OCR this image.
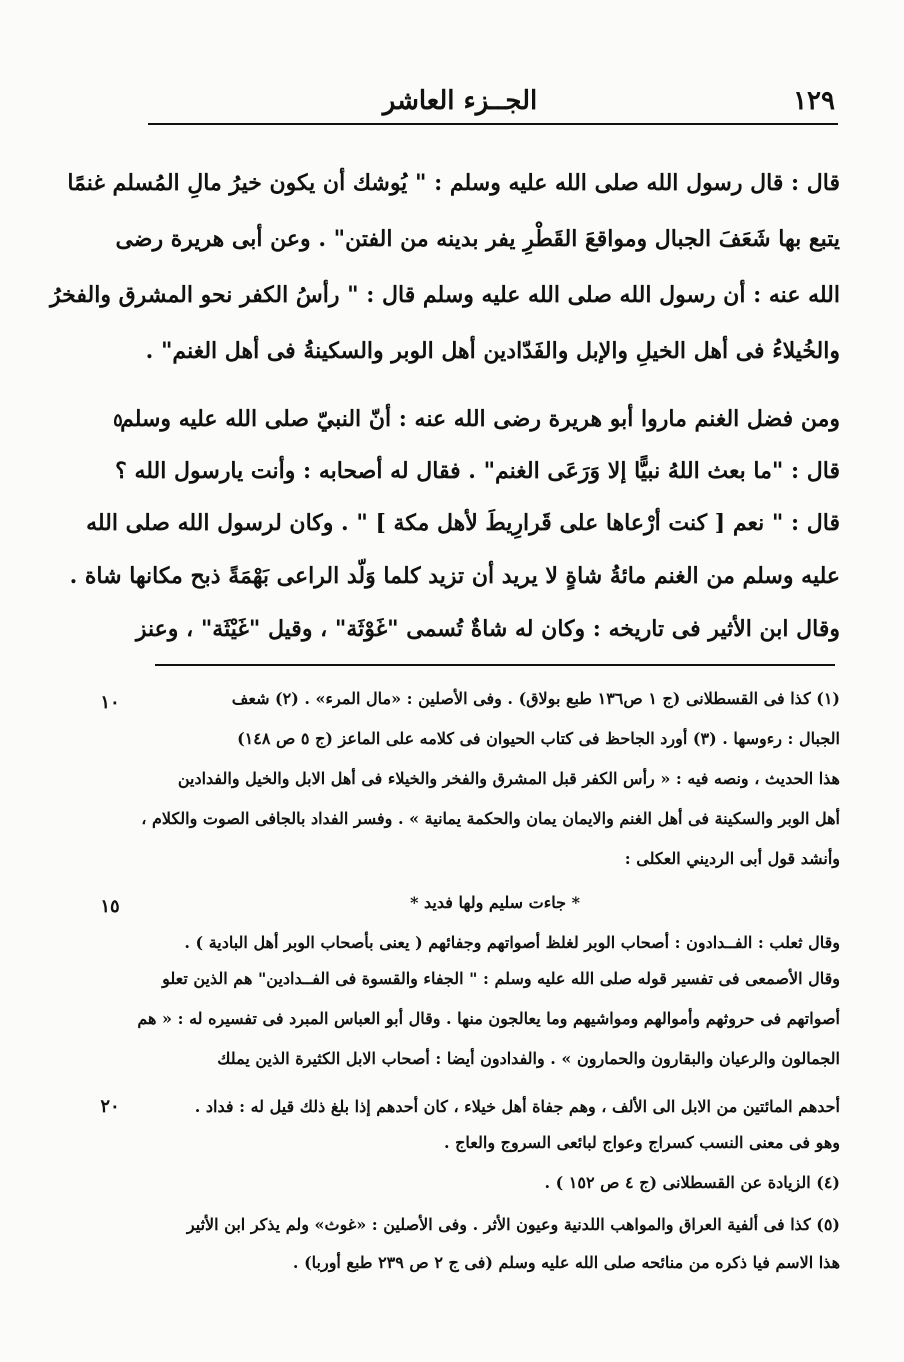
١٢٩
الجــزء العاشر
قال : قال رسول الله صلى الله عليه وسلم : " يُوشك أن يكون خيرُ مالِ المُسلم غنمًا
يتبع بها شَعَفَ الجبال ومواقعَ القَطْرِ يفر بدينه من الفتن" . وعن أبى هريرة رضى
الله عنه : أن رسول الله صلى الله عليه وسلم قال : " رأسُ الكفر نحو المشرق والفخرُ
والخُيلاءُ فى أهل الخيلِ والإبل والفَدّادين أهل الوبر والسكينةُ فى أهل الغنم" .
ومن فضل الغنم ماروا أبو هريرة رضى الله عنه : أنّ النبيّ صلى الله عليه وسلم
قال : "ما بعث اللهُ نبيًّا إلا وَرَعَى الغنم" . فقال له أصحابه : وأنت يارسول الله ؟
قال : " نعم [ كنت أرْعاها على قَرارِيطَ لأهل مكة ] " . وكان لرسول الله صلى الله
عليه وسلم من الغنم مائةُ شاةٍ لا يريد أن تزيد كلما وَلّد الراعى بَهْمَةً ذبح مكانها شاة .
وقال ابن الأثير فى تاريخه : وكان له شاةٌ تُسمى "غَوْثَة" ، وقيل "غَيْثَة" ، وعنز
٥
(١) كذا فى القسطلانى (ج ١ ص١٣٦ طبع بولاق) . وفى الأصلين : «مال المرء» . (٢) شعف
الجبال : رءوسها . (٣) أورد الجاحظ فى كتاب الحيوان فى كلامه على الماعز (ج ٥ ص ١٤٨)
هذا الحديث ، ونصه فيه : « رأس الكفر قبل المشرق والفخر والخيلاء فى أهل الابل والخيل والفدادين
أهل الوبر والسكينة فى أهل الغنم والايمان يمان والحكمة يمانية » . وفسر الفداد بالجافى الصوت والكلام ،
وأنشد قول أبى الرديني العكلى :
* جاءت سليم ولها فديد *
وقال ثعلب : الفــدادون : أصحاب الوبر لغلظ أصواتهم وجفائهم ( يعنى بأصحاب الوبر أهل البادية ) .
وقال الأصمعى فى تفسير قوله صلى الله عليه وسلم : " الجفاء والقسوة فى الفــدادين" هم الذين تعلو
أصواتهم فى حروثهم وأموالهم ومواشيهم وما يعالجون منها . وقال أبو العباس المبرد فى تفسيره له : « هم
الجمالون والرعيان والبقارون والحمارون » . والفدادون أيضا : أصحاب الابل الكثيرة الذين يملك
أحدهم المائتين من الابل الى الألف ، وهم جفاة أهل خيلاء ، كان أحدهم إذا بلغ ذلك قيل له : فداد .
وهو فى معنى النسب كسراج وعواج لبائعى السروج والعاج .
(٤) الزيادة عن القسطلانى (ج ٤ ص ١٥٢ ) .
(٥) كذا فى ألفية العراق والمواهب اللدنية وعيون الأثر . وفى الأصلين : «غوث» ولم يذكر ابن الأثير
هذا الاسم فيا ذكره من منائحه صلى الله عليه وسلم (فى ج ٢ ص ٢٣٩ طبع أوربا) .
١٠
١٥
٢٠
